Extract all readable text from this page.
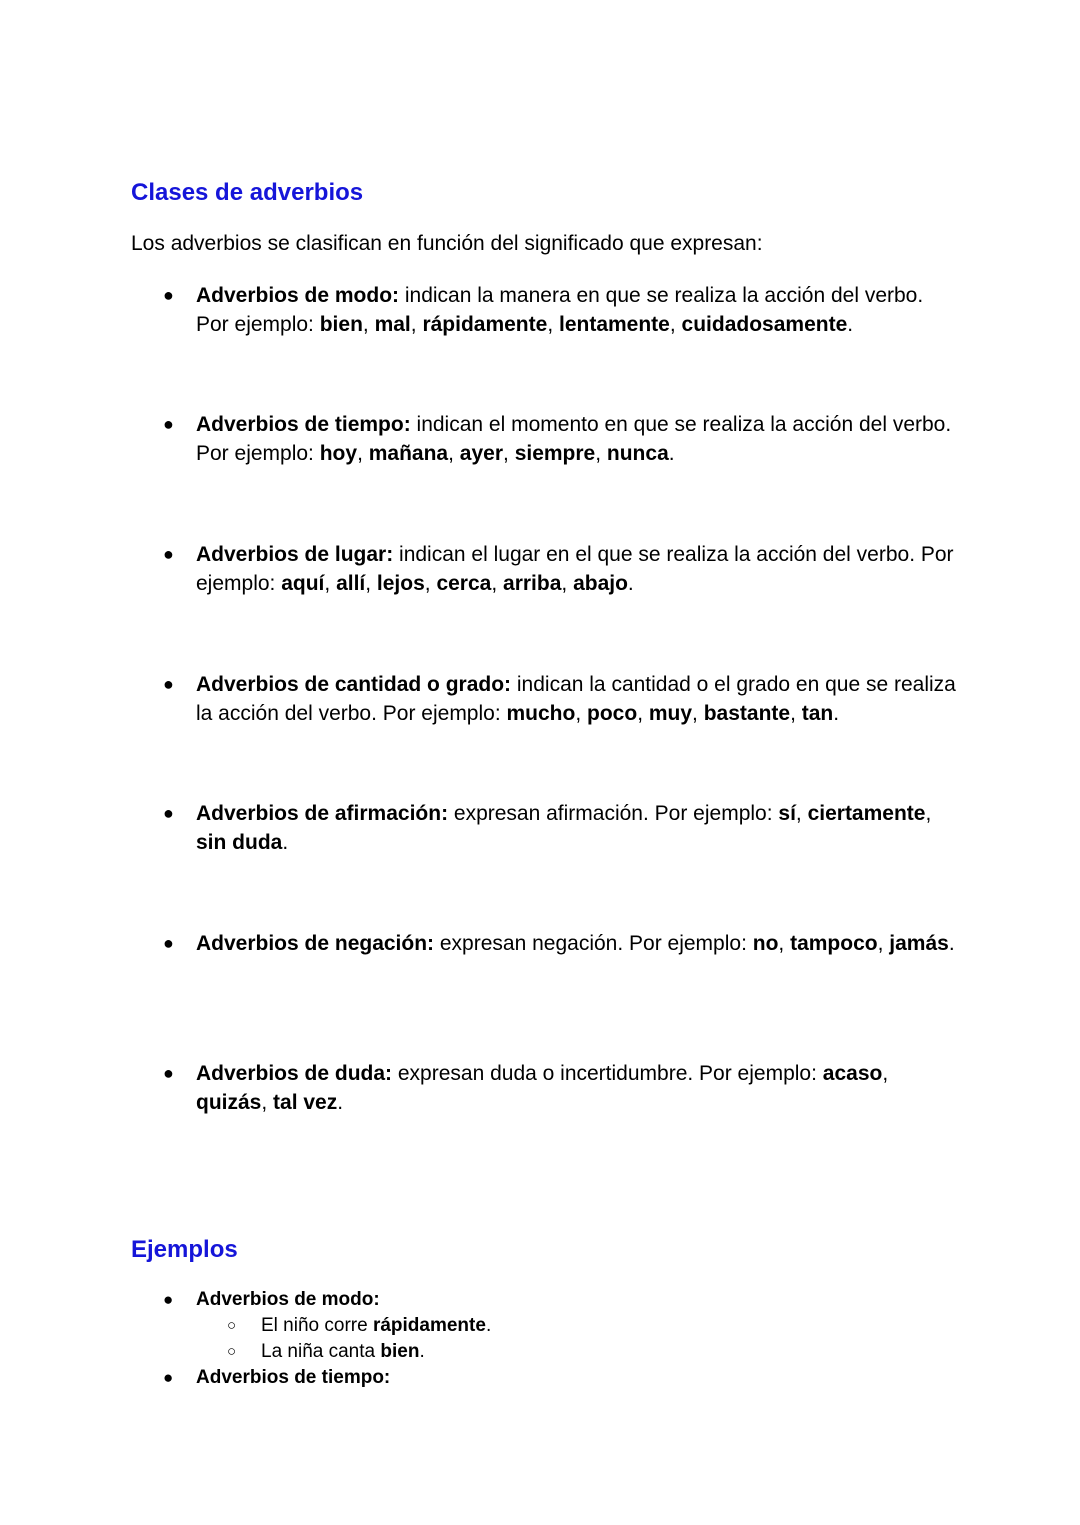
Clases de adverbios

Los adverbios se clasifican en función del significado que expresan:

● Adverbios de modo: indican la manera en que se realiza la acción del verbo. Por ejemplo: bien, mal, rápidamente, lentamente, cuidadosamente.

● Adverbios de tiempo: indican el momento en que se realiza la acción del verbo. Por ejemplo: hoy, mañana, ayer, siempre, nunca.

● Adverbios de lugar: indican el lugar en el que se realiza la acción del verbo. Por ejemplo: aquí, allí, lejos, cerca, arriba, abajo.

● Adverbios de cantidad o grado: indican la cantidad o el grado en que se realiza la acción del verbo. Por ejemplo: mucho, poco, muy, bastante, tan.

● Adverbios de afirmación: expresan afirmación. Por ejemplo: sí, ciertamente, sin duda.

● Adverbios de negación: expresan negación. Por ejemplo: no, tampoco, jamás.

● Adverbios de duda: expresan duda o incertidumbre. Por ejemplo: acaso, quizás, tal vez.

Ejemplos
● Adverbios de modo:

○ El niño corre rápidamente.

○ La niña canta bien.

● Adverbios de tiempo:
